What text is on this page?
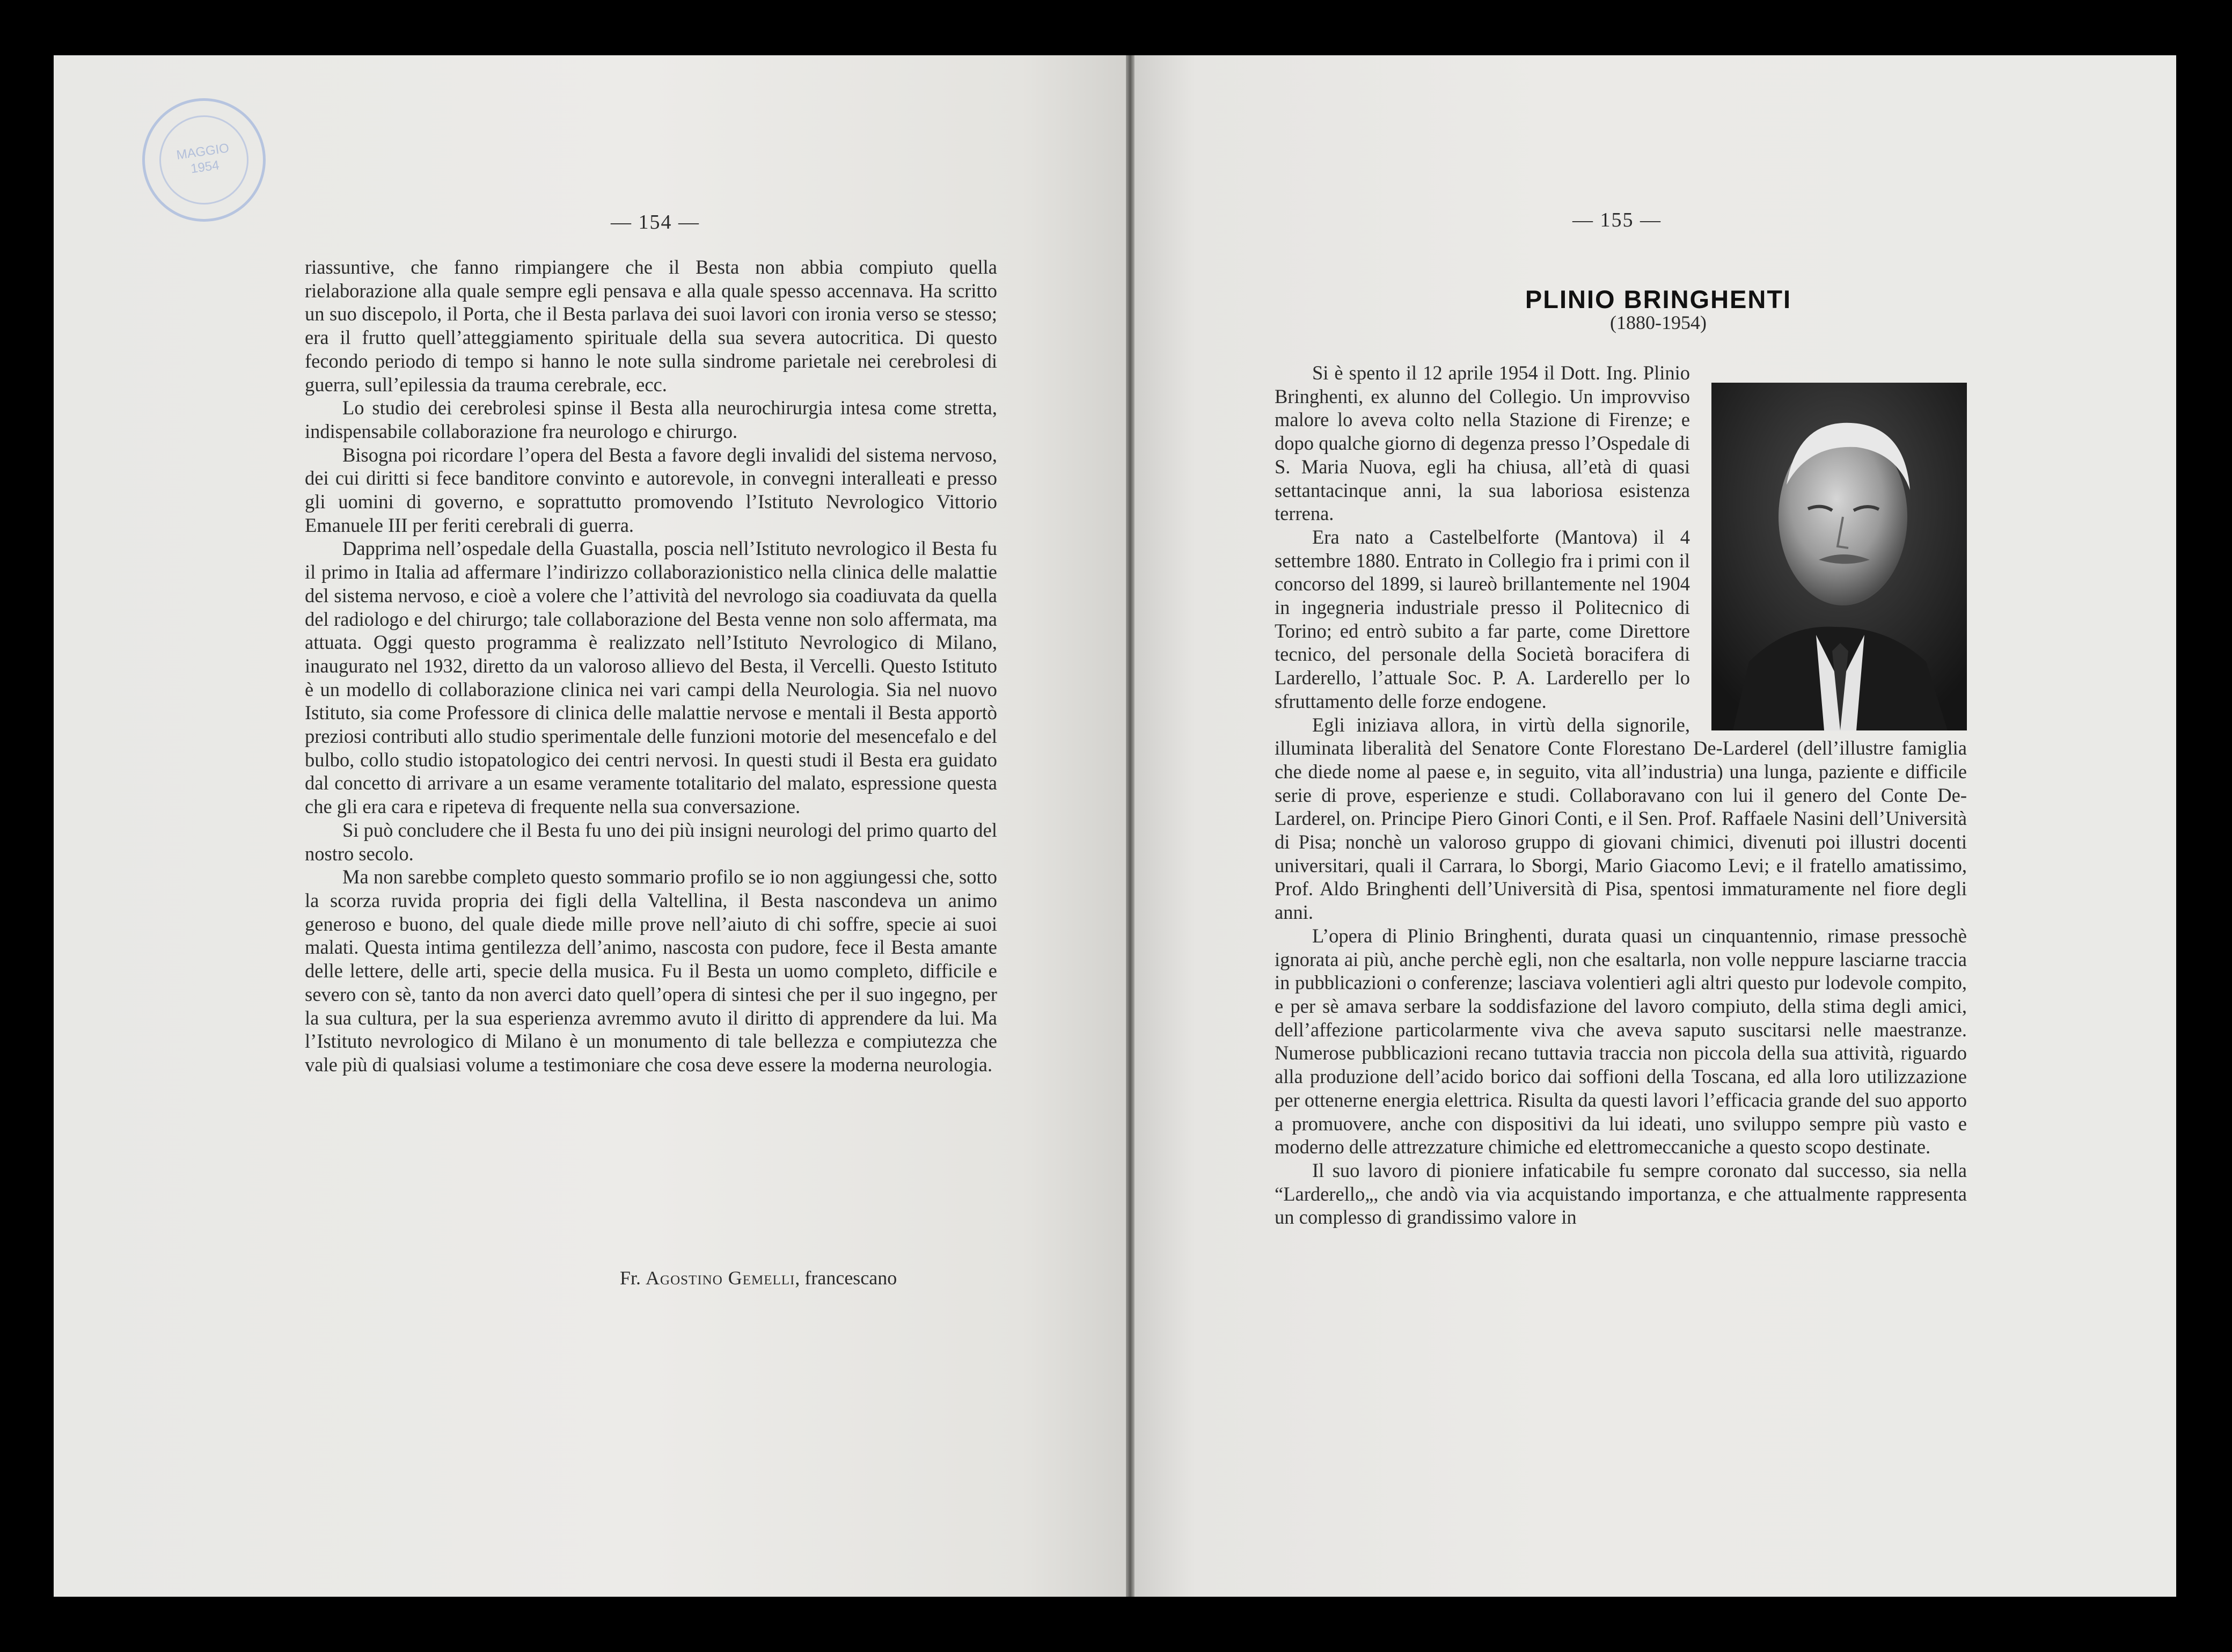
MAGGIO
1954
— 154 —

riassuntive, che fanno rimpiangere che il Besta non abbia compiuto quella rielaborazione alla quale sempre egli pensava e alla quale spesso accennava. Ha scritto un suo discepolo, il Porta, che il Besta parlava dei suoi lavori con ironia verso se stesso; era il frutto quell’atteggiamento spirituale della sua severa autocritica. Di questo fecondo periodo di tempo si hanno le note sulla sindrome parietale nei cerebrolesi di guerra, sull’epilessia da trauma cerebrale, ecc.

Lo studio dei cerebrolesi spinse il Besta alla neurochirurgia intesa come stretta, indispensabile collaborazione fra neurologo e chirurgo.

Bisogna poi ricordare l’opera del Besta a favore degli invalidi del sistema nervoso, dei cui diritti si fece banditore convinto e autorevole, in convegni interalleati e presso gli uomini di governo, e soprattutto promovendo l’Istituto Nevrologico Vittorio Emanuele III per feriti cerebrali di guerra.

Dapprima nell’ospedale della Guastalla, poscia nell’Istituto nevrologico il Besta fu il primo in Italia ad affermare l’indirizzo collaborazionistico nella clinica delle malattie del sistema nervoso, e cioè a volere che l’attività del nevrologo sia coadiuvata da quella del radiologo e del chirurgo; tale collaborazione del Besta venne non solo affermata, ma attuata. Oggi questo programma è realizzato nell’Istituto Nevrologico di Milano, inaugurato nel 1932, diretto da un valoroso allievo del Besta, il Vercelli. Questo Istituto è un modello di collaborazione clinica nei vari campi della Neurologia. Sia nel nuovo Istituto, sia come Professore di clinica delle malattie nervose e mentali il Besta apportò preziosi contributi allo studio sperimentale delle funzioni motorie del mesencefalo e del bulbo, collo studio istopatologico dei centri nervosi. In questi studi il Besta era guidato dal concetto di arrivare a un esame veramente totalitario del malato, espressione questa che gli era cara e ripeteva di frequente nella sua conversazione.

Si può concludere che il Besta fu uno dei più insigni neurologi del primo quarto del nostro secolo.

Ma non sarebbe completo questo sommario profilo se io non aggiungessi che, sotto la scorza ruvida propria dei figli della Valtellina, il Besta nascondeva un animo generoso e buono, del quale diede mille prove nell’aiuto di chi soffre, specie ai suoi malati. Questa intima gentilezza dell’animo, nascosta con pudore, fece il Besta amante delle lettere, delle arti, specie della musica. Fu il Besta un uomo completo, difficile e severo con sè, tanto da non averci dato quell’opera di sintesi che per il suo ingegno, per la sua cultura, per la sua esperienza avremmo avuto il diritto di apprendere da lui. Ma l’Istituto nevrologico di Milano è un monumento di tale bellezza e compiutezza che vale più di qualsiasi volume a testimoniare che cosa deve essere la moderna neurologia.

Fr. Agostino Gemelli, francescano
— 155 —
PLINIO BRINGHENTI
(1880-1954)

Si è spento il 12 aprile 1954 il Dott. Ing. Plinio Bringhenti, ex alunno del Collegio. Un improvviso malore lo aveva colto nella Stazione di Firenze; e dopo qualche giorno di degenza presso l’Ospedale di S. Maria Nuova, egli ha chiusa, all’età di quasi settantacinque anni, la sua laboriosa esistenza terrena.

Era nato a Castelbelforte (Mantova) il 4 settembre 1880. Entrato in Collegio fra i primi con il concorso del 1899, si laureò brillantemente nel 1904 in ingegneria industriale presso il Politecnico di Torino; ed entrò subito a far parte, come Direttore tecnico, del personale della Società boracifera di Larderello, l’attuale Soc. P. A. Larderello per lo sfruttamento delle forze endogene.

Egli iniziava allora, in virtù della signorile, illuminata liberalità del Senatore Conte Florestano De-Larderel (dell’illustre famiglia che diede nome al paese e, in seguito, vita all’industria) una lunga, paziente e difficile serie di prove, esperienze e studi. Collaboravano con lui il genero del Conte De-Larderel, on. Principe Piero Ginori Conti, e il Sen. Prof. Raffaele Nasini dell’Università di Pisa; nonchè un valoroso gruppo di giovani chimici, divenuti poi illustri docenti universitari, quali il Carrara, lo Sborgi, Mario Giacomo Levi; e il fratello amatissimo, Prof. Aldo Bringhenti dell’Università di Pisa, spentosi immaturamente nel fiore degli anni.

L’opera di Plinio Bringhenti, durata quasi un cinquantennio, rimase pressochè ignorata ai più, anche perchè egli, non che esaltarla, non volle neppure lasciarne traccia in pubblicazioni o conferenze; lasciava volentieri agli altri questo pur lodevole compito, e per sè amava serbare la soddisfazione del lavoro compiuto, della stima degli amici, dell’affezione particolarmente viva che aveva saputo suscitarsi nelle maestranze. Numerose pubblicazioni recano tuttavia traccia non piccola della sua attività, riguardo alla produzione dell’acido borico dai soffioni della Toscana, ed alla loro utilizzazione per ottenerne energia elettrica. Risulta da questi lavori l’efficacia grande del suo apporto a promuovere, anche con dispositivi da lui ideati, uno sviluppo sempre più vasto e moderno delle attrezzature chimiche ed elettromeccaniche a questo scopo destinate.

Il suo lavoro di pioniere infaticabile fu sempre coronato dal successo, sia nella “Larderello„, che andò via via acquistando importanza, e che attualmente rappresenta un complesso di grandissimo valore in
